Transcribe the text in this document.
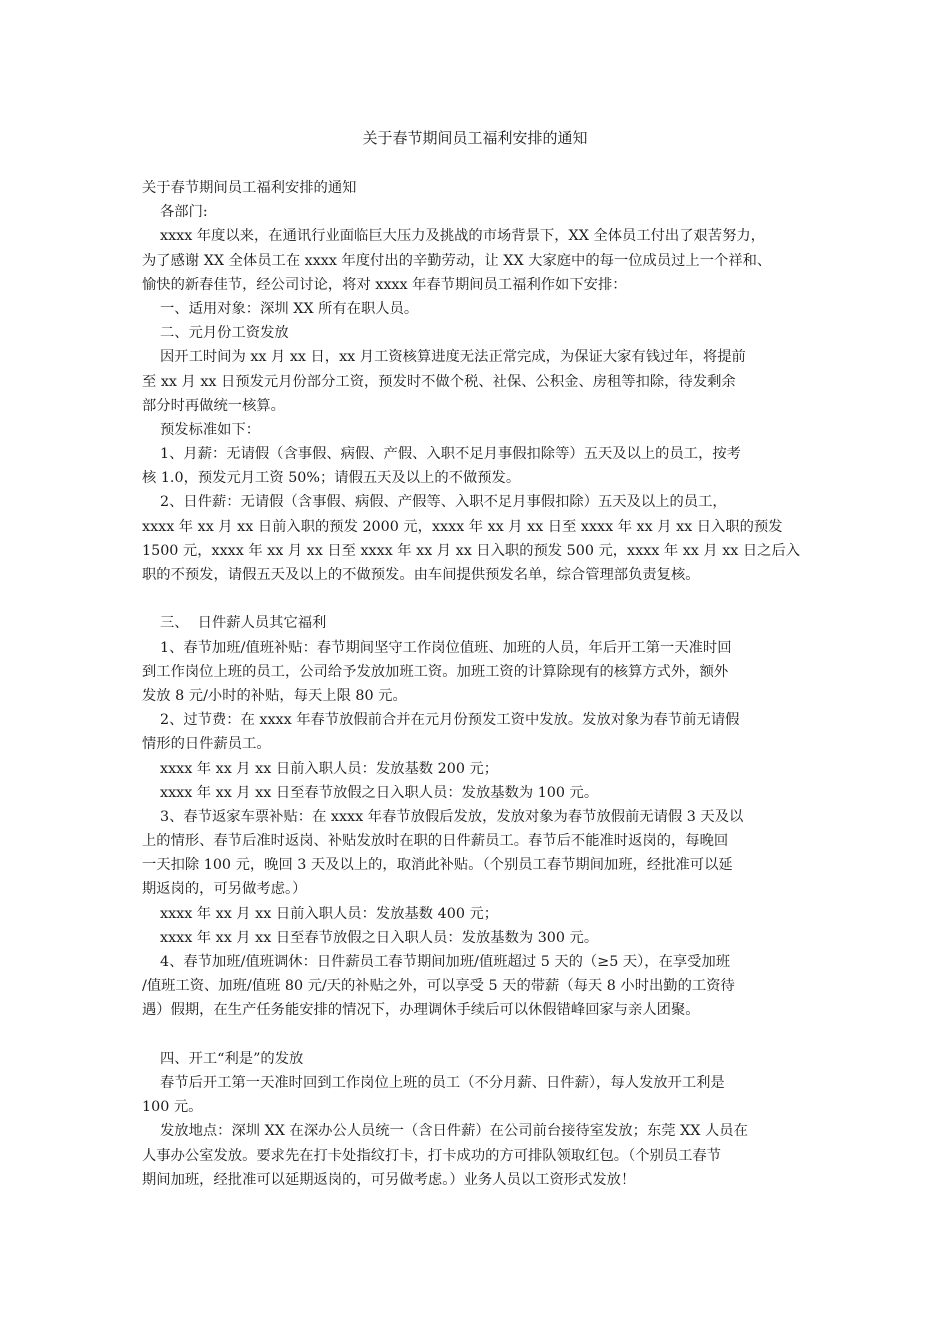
关于春节期间员工福利安排的通知
关于春节期间员工福利安排的通知
各部门:
xxxx 年度以来，在通讯行业面临巨大压力及挑战的市场背景下，XX 全体员工付出了艰苦努力，
为了感谢 XX 全体员工在 xxxx 年度付出的辛勤劳动，让 XX 大家庭中的每一位成员过上一个祥和、
愉快的新春佳节，经公司讨论，将对 xxxx 年春节期间员工福利作如下安排：
一、适用对象：深圳 XX 所有在职人员。
二、元月份工资发放
因开工时间为 xx 月 xx 日，xx 月工资核算进度无法正常完成，为保证大家有钱过年，将提前
至 xx 月 xx 日预发元月份部分工资，预发时不做个税、社保、公积金、房租等扣除，待发剩余
部分时再做统一核算。
预发标准如下：
1、月薪：无请假（含事假、病假、产假、入职不足月事假扣除等）五天及以上的员工，按考
核 1.0，预发元月工资 50%；请假五天及以上的不做预发。
2、日件薪：无请假（含事假、病假、产假等、入职不足月事假扣除）五天及以上的员工，
xxxx 年 xx 月 xx 日前入职的预发 2000 元，xxxx 年 xx 月 xx 日至 xxxx 年 xx 月 xx 日入职的预发
1500 元，xxxx 年 xx 月 xx 日至 xxxx 年 xx 月 xx 日入职的预发 500 元，xxxx 年 xx 月 xx 日之后入
职的不预发，请假五天及以上的不做预发。由车间提供预发名单，综合管理部负责复核。
三、  日件薪人员其它福利
1、春节加班/值班补贴：春节期间坚守工作岗位值班、加班的人员，年后开工第一天准时回
到工作岗位上班的员工，公司给予发放加班工资。加班工资的计算除现有的核算方式外，额外
发放 8 元/小时的补贴，每天上限 80 元。
2、过节费：在 xxxx 年春节放假前合并在元月份预发工资中发放。发放对象为春节前无请假
情形的日件薪员工。
xxxx 年 xx 月 xx 日前入职人员：发放基数 200 元；
xxxx 年 xx 月 xx 日至春节放假之日入职人员：发放基数为 100 元。
3、春节返家车票补贴：在 xxxx 年春节放假后发放，发放对象为春节放假前无请假 3 天及以
上的情形、春节后准时返岗、补贴发放时在职的日件薪员工。春节后不能准时返岗的，每晚回
一天扣除 100 元，晚回 3 天及以上的，取消此补贴。（个别员工春节期间加班，经批准可以延
期返岗的，可另做考虑。）
xxxx 年 xx 月 xx 日前入职人员：发放基数 400 元；
xxxx 年 xx 月 xx 日至春节放假之日入职人员：发放基数为 300 元。
4、春节加班/值班调休：日件薪员工春节期间加班/值班超过 5 天的（≥5 天），在享受加班
/值班工资、加班/值班 80 元/天的补贴之外，可以享受 5 天的带薪（每天 8 小时出勤的工资待
遇）假期，在生产任务能安排的情况下，办理调休手续后可以休假错峰回家与亲人团聚。
四、开工“利是”的发放
春节后开工第一天准时回到工作岗位上班的员工（不分月薪、日件薪），每人发放开工利是
100 元。
发放地点：深圳 XX 在深办公人员统一（含日件薪）在公司前台接待室发放；东莞 XX 人员在
人事办公室发放。要求先在打卡处指纹打卡，打卡成功的方可排队领取红包。（个别员工春节
期间加班，经批准可以延期返岗的，可另做考虑。）业务人员以工资形式发放！
